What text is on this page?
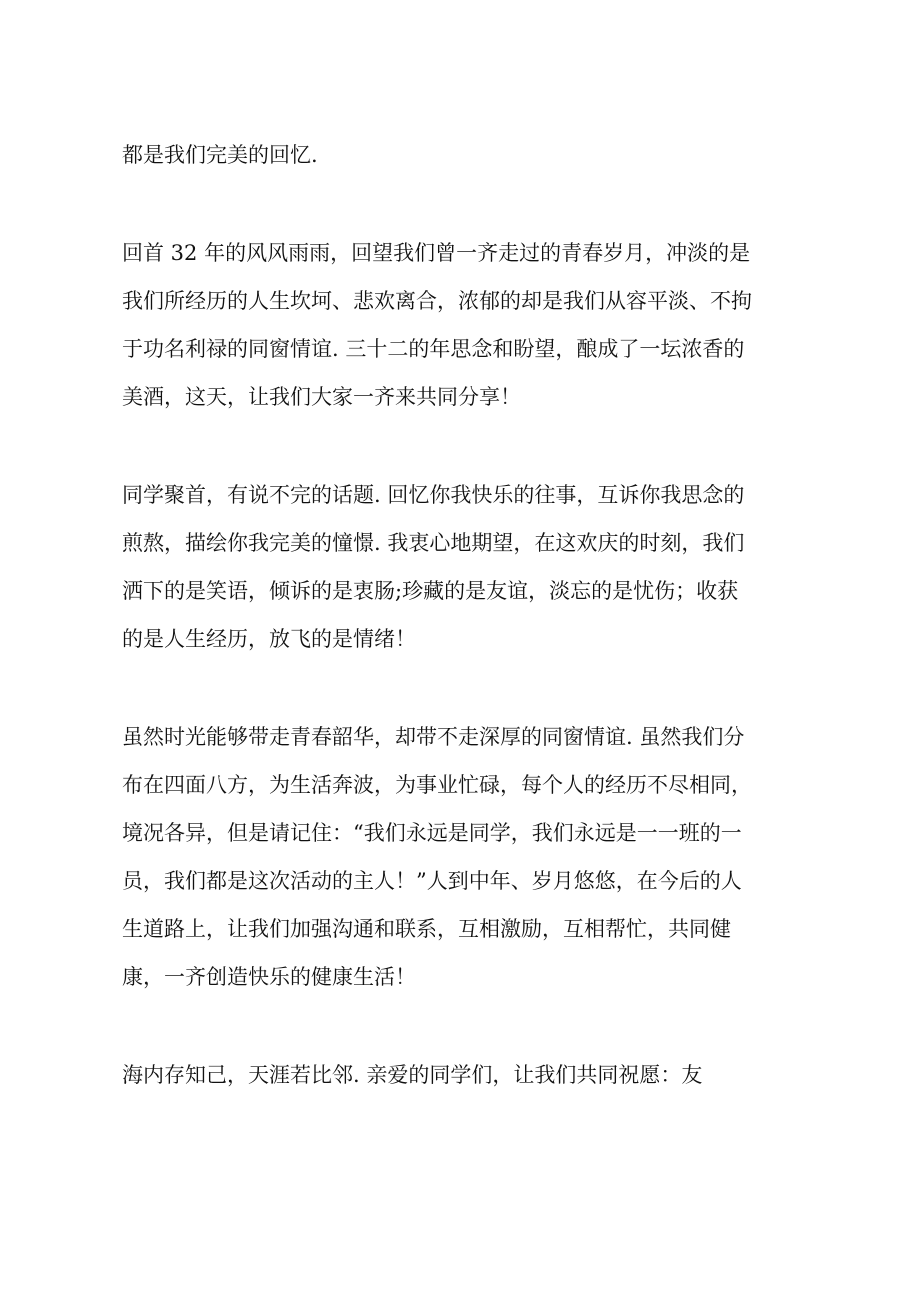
都是我们完美的回忆.

回首 32 年的风风雨雨，回望我们曾一齐走过的青春岁月，冲淡的是

我们所经历的人生坎坷、悲欢离合，浓郁的却是我们从容平淡、不拘

于功名利禄的同窗情谊. 三十二的年思念和盼望，酿成了一坛浓香的

美酒，这天，让我们大家一齐来共同分享！

同学聚首，有说不完的话题. 回忆你我快乐的往事，互诉你我思念的

煎熬，描绘你我完美的憧憬. 我衷心地期望，在这欢庆的时刻，我们

洒下的是笑语，倾诉的是衷肠;珍藏的是友谊，淡忘的是忧伤；收获

的是人生经历，放飞的是情绪！

虽然时光能够带走青春韶华，却带不走深厚的同窗情谊. 虽然我们分

布在四面八方，为生活奔波，为事业忙碌，每个人的经历不尽相同，

境况各异，但是请记住：“我们永远是同学，我们永远是一一班的一

员，我们都是这次活动的主人！”人到中年、岁月悠悠，在今后的人

生道路上，让我们加强沟通和联系，互相激励，互相帮忙，共同健

康，一齐创造快乐的健康生活！

海内存知己，天涯若比邻. 亲爱的同学们，让我们共同祝愿：友
